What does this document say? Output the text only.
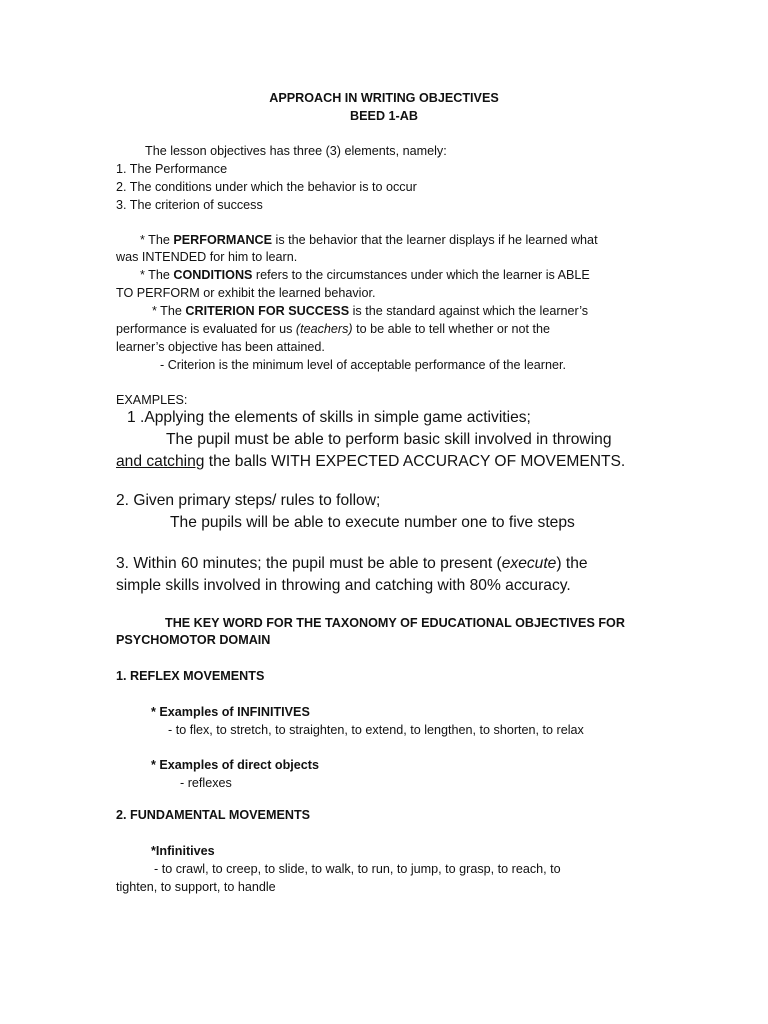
APPROACH IN WRITING OBJECTIVES
BEED 1-AB
The lesson objectives has three (3) elements, namely:
1. The Performance
2. The conditions under which the behavior is to occur
3. The criterion of success
* The PERFORMANCE is the behavior that the learner displays if he learned what
was INTENDED for him to learn.
* The CONDITIONS refers to the circumstances under which the learner is ABLE
TO PERFORM or exhibit the learned behavior.
* The CRITERION FOR SUCCESS is the standard against which the learner’s
performance is evaluated for us (teachers) to be able to tell whether or not the
learner’s objective has been attained.
- Criterion is the minimum level of acceptable performance of the learner.
EXAMPLES:
1 .Applying the elements of skills in simple game activities;
The pupil must be able to perform basic skill involved in throwing
and catching the balls WITH EXPECTED ACCURACY OF MOVEMENTS.
2. Given primary steps/ rules to follow;
The pupils will be able to execute number one to five steps
3. Within 60 minutes; the pupil must be able to present (execute) the
simple skills involved in throwing and catching with 80% accuracy.
THE KEY WORD FOR THE TAXONOMY OF EDUCATIONAL OBJECTIVES FOR
PSYCHOMOTOR DOMAIN
1. REFLEX MOVEMENTS
* Examples of INFINITIVES
- to flex, to stretch, to straighten, to extend, to lengthen, to shorten, to relax
* Examples of direct objects
- reflexes
2. FUNDAMENTAL MOVEMENTS
*Infinitives
- to crawl, to creep, to slide, to walk, to run, to jump, to grasp, to reach, to
tighten, to support, to handle
